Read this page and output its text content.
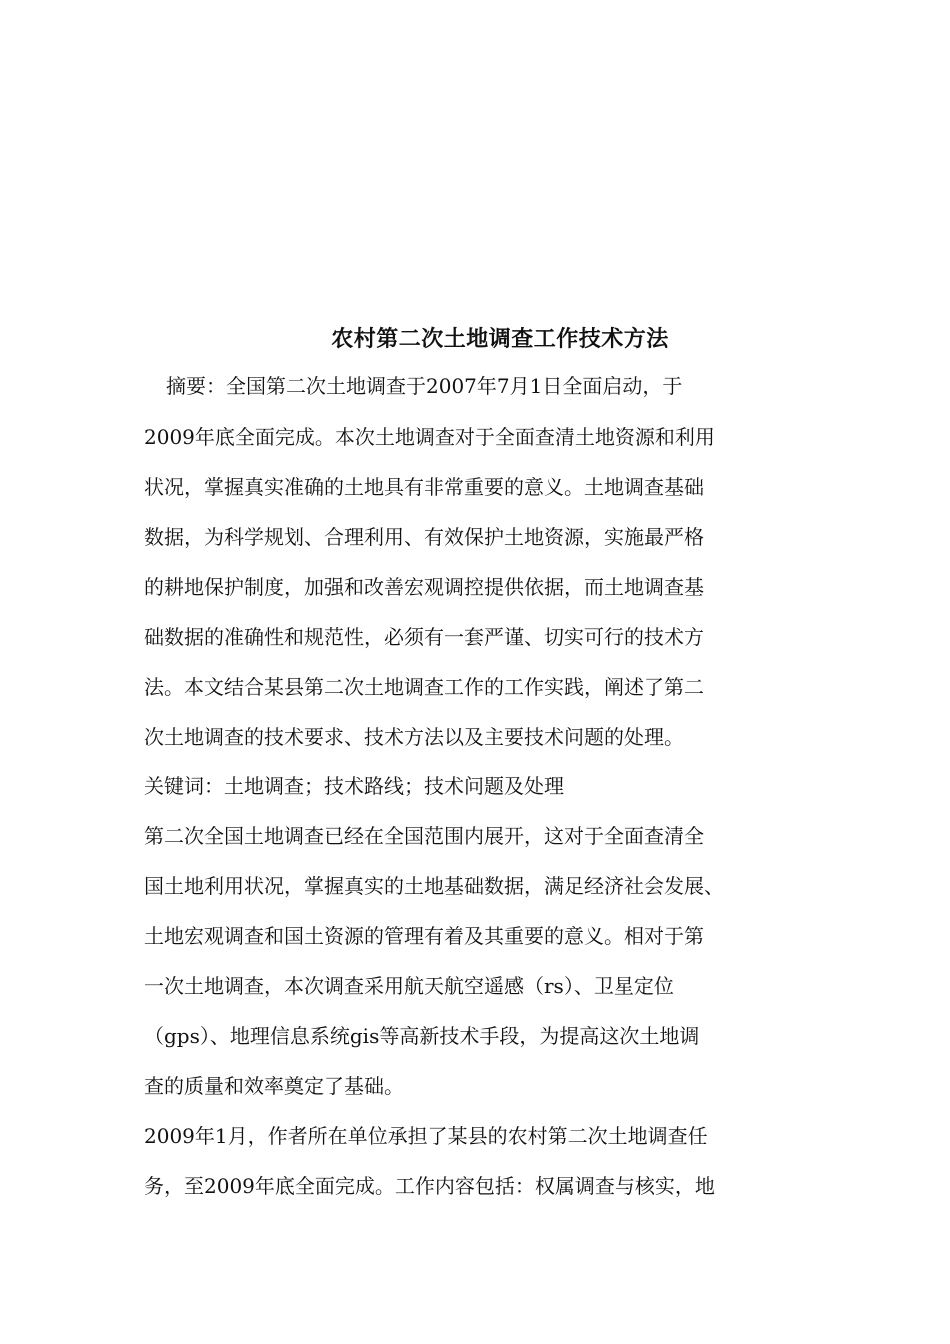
农村第二次土地调查工作技术方法
摘要：全国第二次土地调查于2007年7月1日全面启动，于
2009年底全面完成。本次土地调查对于全面查清土地资源和利用
状况，掌握真实准确的土地具有非常重要的意义。土地调查基础
数据，为科学规划、合理利用、有效保护土地资源，实施最严格
的耕地保护制度，加强和改善宏观调控提供依据，而土地调查基
础数据的准确性和规范性，必须有一套严谨、切实可行的技术方
法。本文结合某县第二次土地调查工作的工作实践，阐述了第二
次土地调查的技术要求、技术方法以及主要技术问题的处理。
关键词：土地调查；技术路线；技术问题及处理
第二次全国土地调查已经在全国范围内展开，这对于全面查清全
国土地利用状况，掌握真实的土地基础数据，满足经济社会发展、
土地宏观调查和国土资源的管理有着及其重要的意义。相对于第
一次土地调查，本次调查采用航天航空遥感（rs）、卫星定位
（gps）、地理信息系统gis等高新技术手段，为提高这次土地调
查的质量和效率奠定了基础。
2009年1月，作者所在单位承担了某县的农村第二次土地调查任
务，至2009年底全面完成。工作内容包括：权属调查与核实，地
